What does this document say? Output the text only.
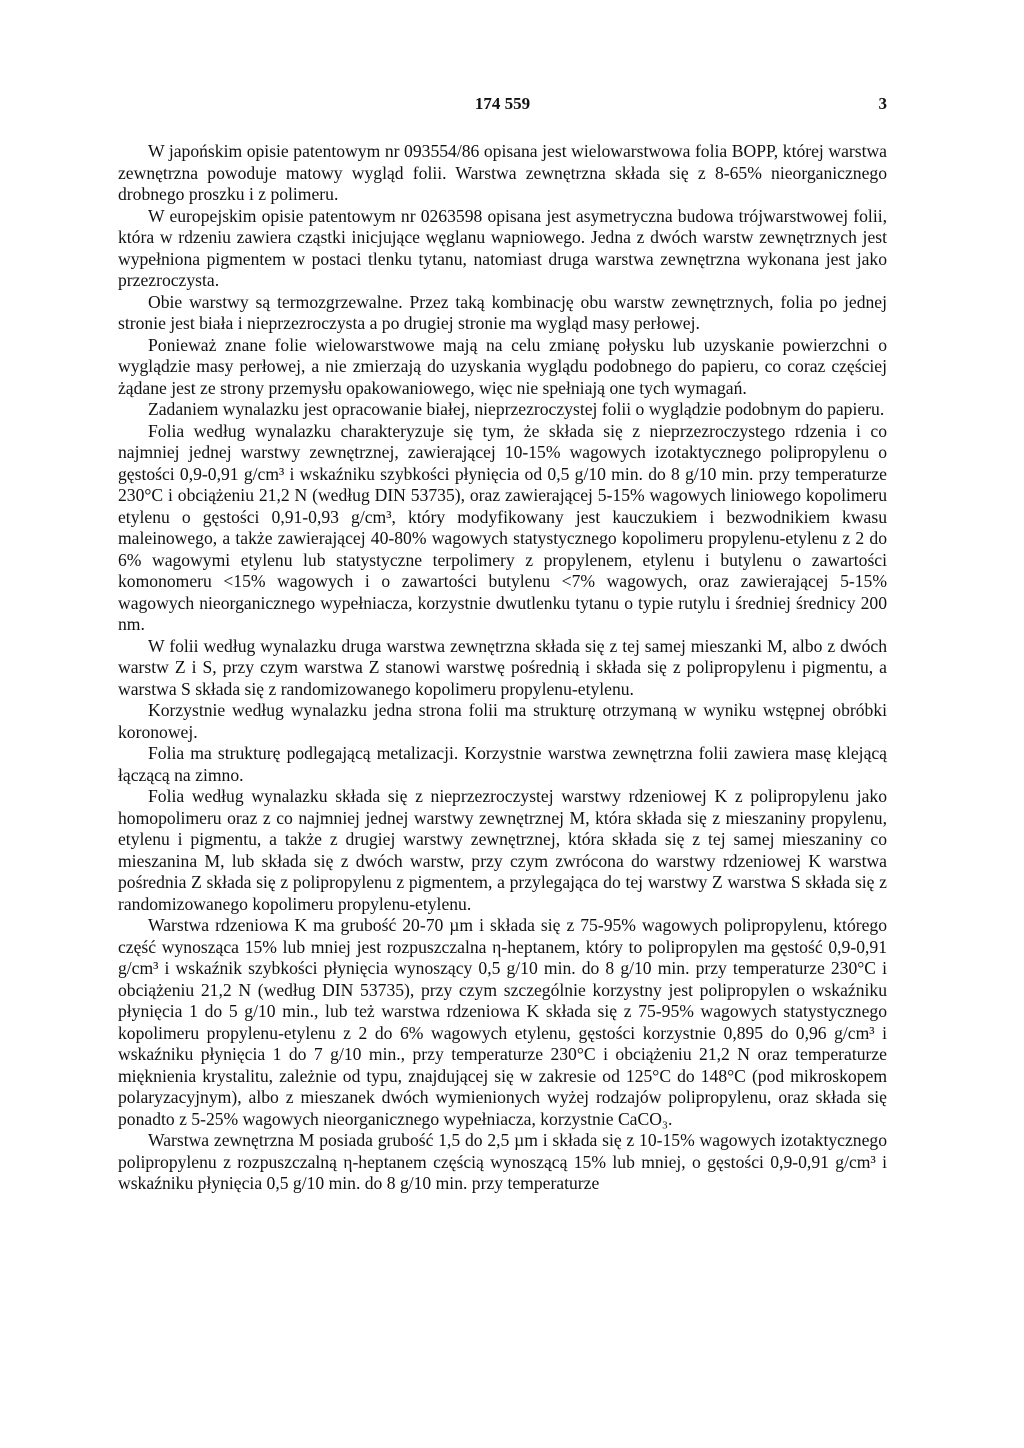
174 559	3

W japońskim opisie patentowym nr 093554/86 opisana jest wielowarstwowa folia BOPP, której warstwa zewnętrzna powoduje matowy wygląd folii. Warstwa zewnętrzna składa się z 8-65% nieorganicznego drobnego proszku i z polimeru.

W europejskim opisie patentowym nr 0263598 opisana jest asymetryczna budowa trójwarstwowej folii, która w rdzeniu zawiera cząstki inicjujące węglanu wapniowego. Jedna z dwóch warstw zewnętrznych jest wypełniona pigmentem w postaci tlenku tytanu, natomiast druga warstwa zewnętrzna wykonana jest jako przezroczysta.

Obie warstwy są termozgrzewalne. Przez taką kombinację obu warstw zewnętrznych, folia po jednej stronie jest biała i nieprzezroczysta a po drugiej stronie ma wygląd masy perłowej.

Ponieważ znane folie wielowarstwowe mają na celu zmianę połysku lub uzyskanie powierzchni o wyglądzie masy perłowej, a nie zmierzają do uzyskania wyglądu podobnego do papieru, co coraz częściej żądane jest ze strony przemysłu opakowaniowego, więc nie spełniają one tych wymagań.

Zadaniem wynalazku jest opracowanie białej, nieprzezroczystej folii o wyglądzie podobnym do papieru.

Folia według wynalazku charakteryzuje się tym, że składa się z nieprzezroczystego rdzenia i co najmniej jednej warstwy zewnętrznej, zawierającej 10-15% wagowych izotaktycznego polipropylenu o gęstości 0,9-0,91 g/cm³ i wskaźniku szybkości płynięcia od 0,5 g/10 min. do 8 g/10 min. przy temperaturze 230°C i obciążeniu 21,2 N (według DIN 53735), oraz zawierającej 5-15% wagowych liniowego kopolimeru etylenu o gęstości 0,91-0,93 g/cm³, który modyfikowany jest kauczukiem i bezwodnikiem kwasu maleinowego, a także zawierającej 40-80% wagowych statystycznego kopolimeru propylenu-etylenu z 2 do 6% wagowymi etylenu lub statystyczne terpolimery z propylenem, etylenu i butylenu o zawartości komonomeru <15% wagowych i o zawartości butylenu <7% wagowych, oraz zawierającej 5-15% wagowych nieorganicznego wypełniacza, korzystnie dwutlenku tytanu o typie rutylu i średniej średnicy 200 nm.

W folii według wynalazku druga warstwa zewnętrzna składa się z tej samej mieszanki M, albo z dwóch warstw Z i S, przy czym warstwa Z stanowi warstwę pośrednią i składa się z polipropylenu i pigmentu, a warstwa S składa się z randomizowanego kopolimeru propylenu-etylenu.

Korzystnie według wynalazku jedna strona folii ma strukturę otrzymaną w wyniku wstępnej obróbki koronowej.

Folia ma strukturę podlegającą metalizacji. Korzystnie warstwa zewnętrzna folii zawiera masę klejącą łączącą na zimno.

Folia według wynalazku składa się z nieprzezroczystej warstwy rdzeniowej K z polipropylenu jako homopolimeru oraz z co najmniej jednej warstwy zewnętrznej M, która składa się z mieszaniny propylenu, etylenu i pigmentu, a także z drugiej warstwy zewnętrznej, która składa się z tej samej mieszaniny co mieszanina M, lub składa się z dwóch warstw, przy czym zwrócona do warstwy rdzeniowej K warstwa pośrednia Z składa się z polipropylenu z pigmentem, a przylegająca do tej warstwy Z warstwa S składa się z randomizowanego kopolimeru propylenu-etylenu.

Warstwa rdzeniowa K ma grubość 20-70 µm i składa się z 75-95% wagowych polipropylenu, którego część wynosząca 15% lub mniej jest rozpuszczalna η-heptanem, który to polipropylen ma gęstość 0,9-0,91 g/cm³ i wskaźnik szybkości płynięcia wynoszący 0,5 g/10 min. do 8 g/10 min. przy temperaturze 230°C i obciążeniu 21,2 N (według DIN 53735), przy czym szczególnie korzystny jest polipropylen o wskaźniku płynięcia 1 do 5 g/10 min., lub też warstwa rdzeniowa K składa się z 75-95% wagowych statystycznego kopolimeru propylenu-etylenu z 2 do 6% wagowych etylenu, gęstości korzystnie 0,895 do 0,96 g/cm³ i wskaźniku płynięcia 1 do 7 g/10 min., przy temperaturze 230°C i obciążeniu 21,2 N oraz temperaturze mięknienia krystalitu, zależnie od typu, znajdującej się w zakresie od 125°C do 148°C (pod mikroskopem polaryzacyjnym), albo z mieszanek dwóch wymienionych wyżej rodzajów polipropylenu, oraz składa się ponadto z 5-25% wagowych nieorganicznego wypełniacza, korzystnie CaCO₃.

Warstwa zewnętrzna M posiada grubość 1,5 do 2,5 µm i składa się z 10-15% wagowych izotaktycznego polipropylenu z rozpuszczalną η-heptanem częścią wynoszącą 15% lub mniej, o gęstości 0,9-0,91 g/cm³ i wskaźniku płynięcia 0,5 g/10 min. do 8 g/10 min. przy temperaturze
